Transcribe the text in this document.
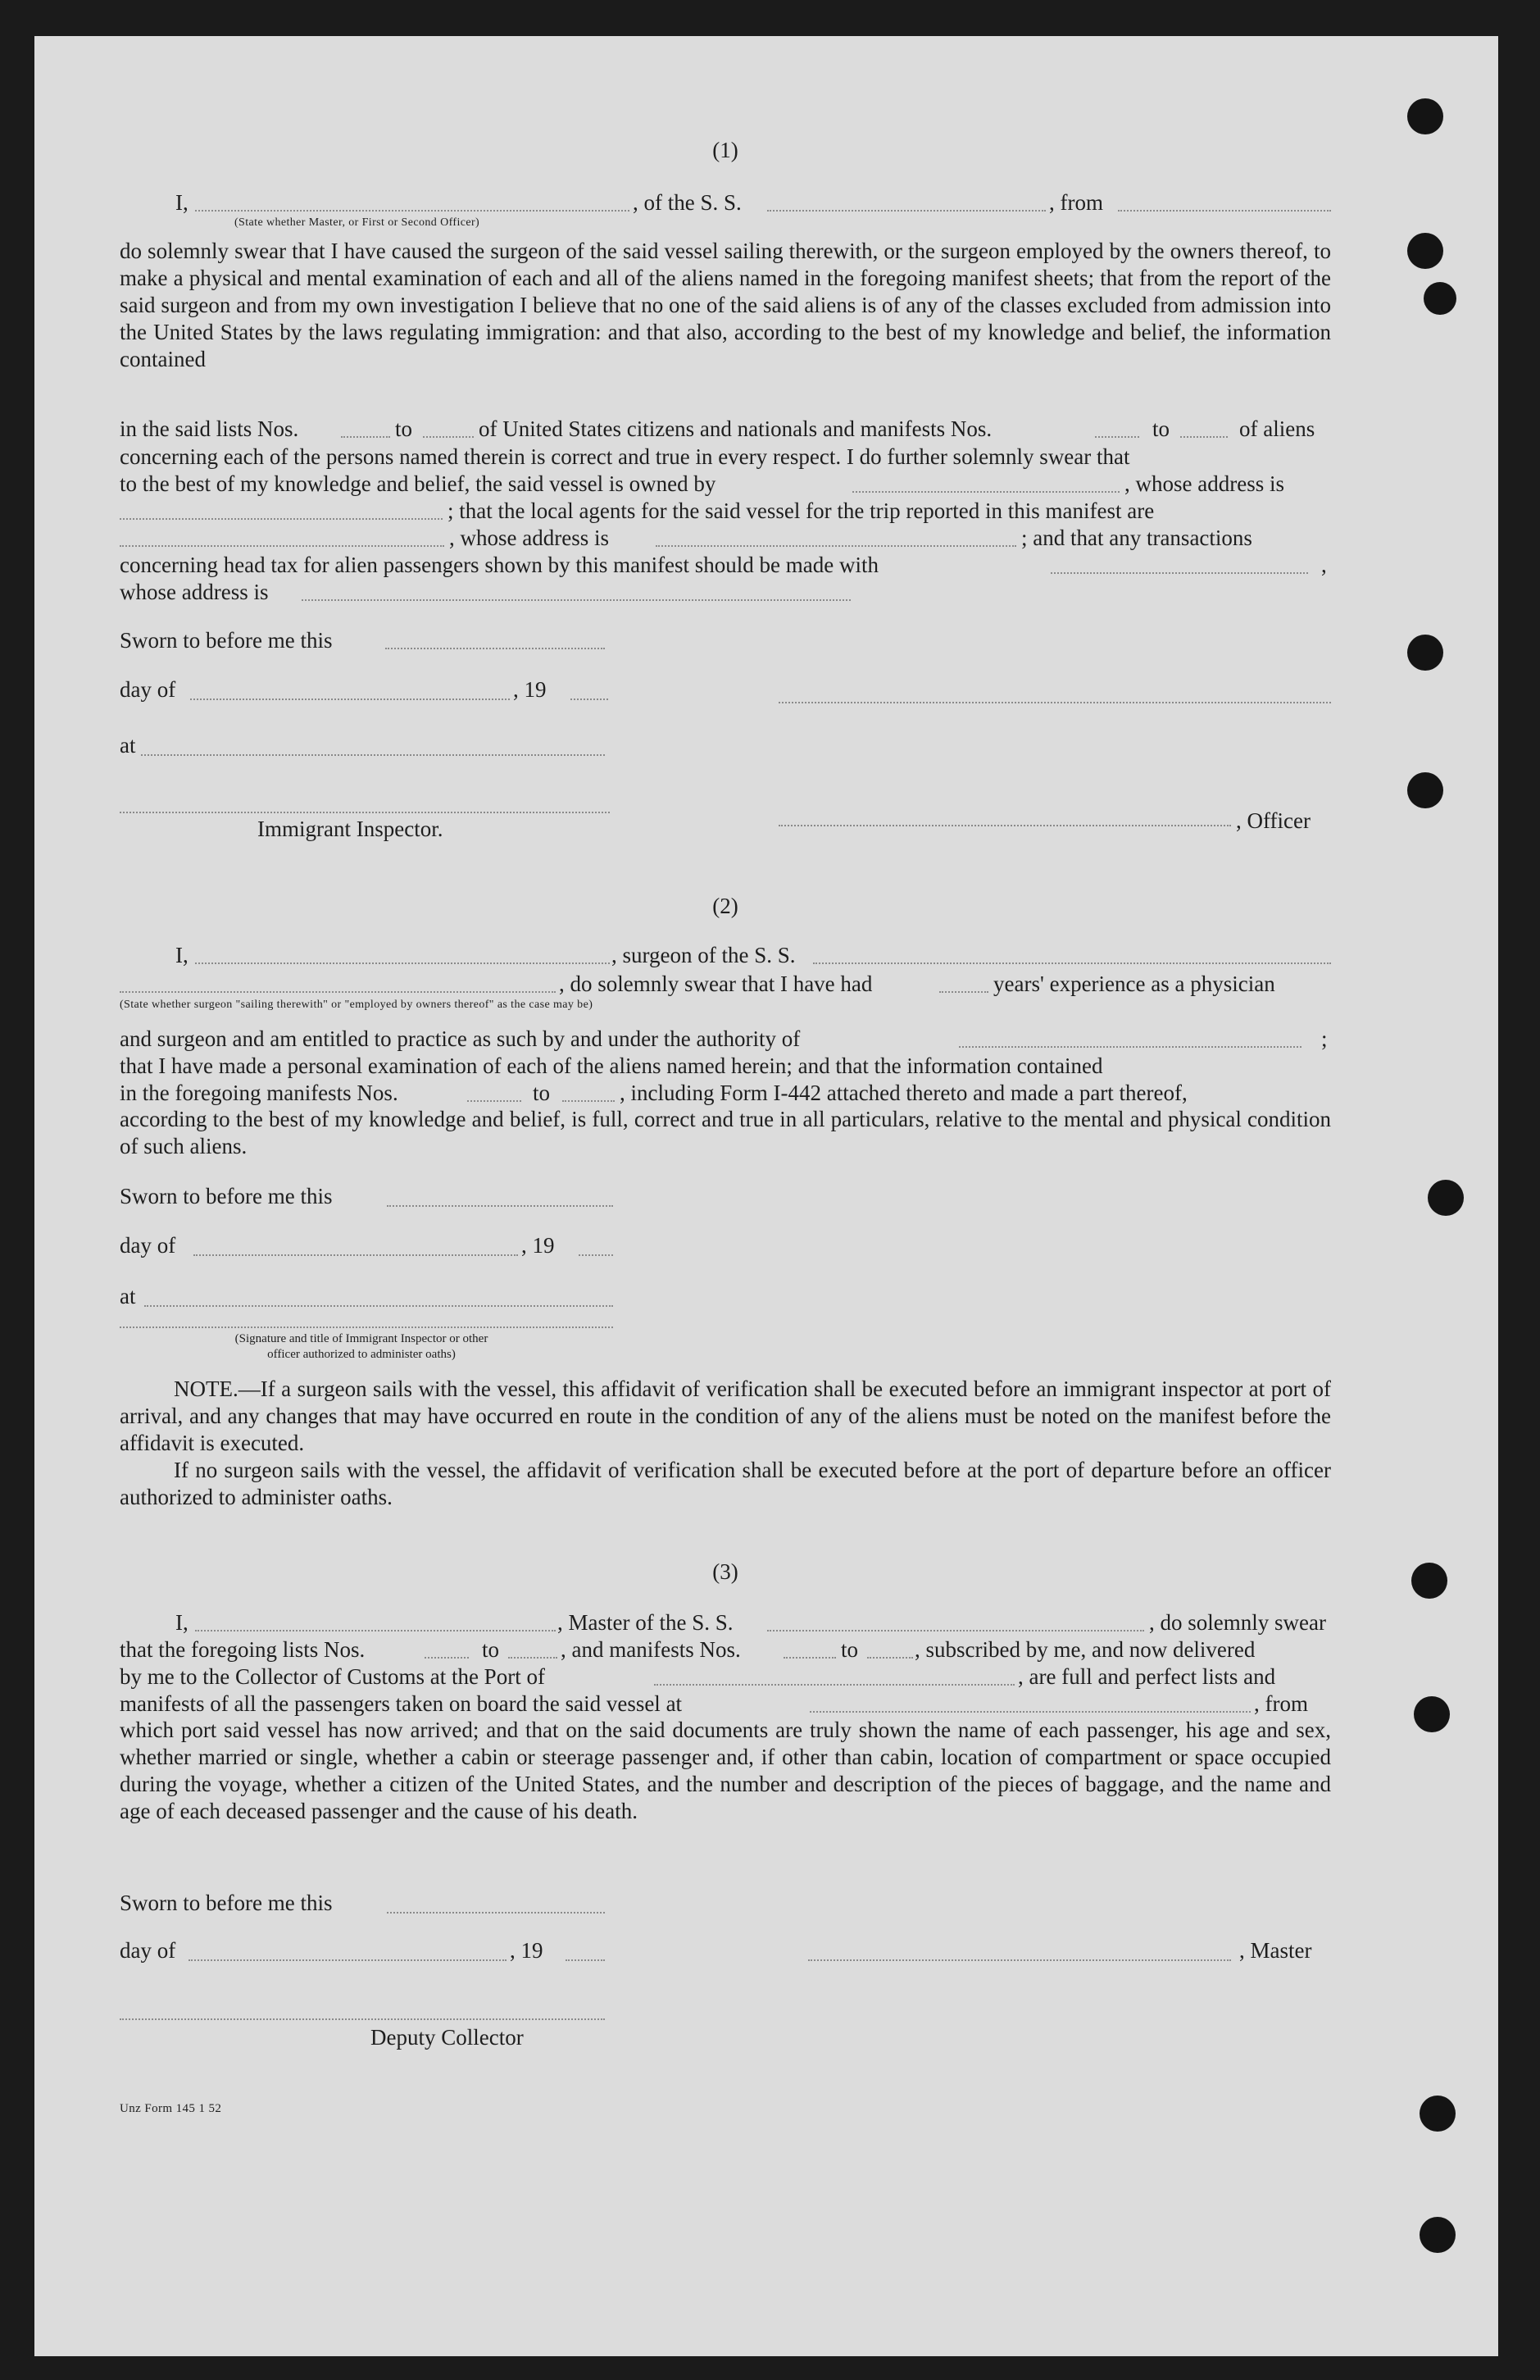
(1)
I,	, of the S. S.	, from
(State whether Master, or First or Second Officer)
do solemnly swear that I have caused the surgeon of the said vessel sailing therewith, or the surgeon employed by the owners thereof, to make a physical and mental examination of each and all of the aliens named in the foregoing manifest sheets; that from the report of the said surgeon and from my own investigation I believe that no one of the said aliens is of any of the classes excluded from admission into the United States by the laws regulating immigration: and that also, according to the best of my knowledge and belief, the information contained
in the said lists Nos.	to	of United States citizens and nationals and manifests Nos.	to	of aliens
concerning each of the persons named therein is correct and true in every respect. I do further solemnly swear that
to the best of my knowledge and belief, the said vessel is owned by	, whose address is
; that the local agents for the said vessel for the trip reported in this manifest are
, whose address is	; and that any transactions
concerning head tax for alien passengers shown by this manifest should be made with	,
whose address is
Sworn to before me this
day of	, 19
at
, Officer
Immigrant Inspector.
(2)
I,	, surgeon of the S. S.
, do solemnly swear that I have had	years' experience as a physician
(State whether surgeon "sailing therewith" or "employed by owners thereof" as the case may be)
and surgeon and am entitled to practice as such by and under the authority of	;
that I have made a personal examination of each of the aliens named herein; and that the information contained
in the foregoing manifests Nos.	to	, including Form I-442 attached thereto and made a part thereof,
according to the best of my knowledge and belief, is full, correct and true in all particulars, relative to the mental and physical condition of such aliens.
Sworn to before me this
day of	, 19
at
(Signature and title of Immigrant Inspector or other
officer authorized to administer oaths)
NOTE.—If a surgeon sails with the vessel, this affidavit of verification shall be executed before an immigrant inspector at port of arrival, and any changes that may have occurred en route in the condition of any of the aliens must be noted on the manifest before the affidavit is executed.
If no surgeon sails with the vessel, the affidavit of verification shall be executed before at the port of departure before an officer authorized to administer oaths.
(3)
I,	, Master of the S. S.	, do solemnly swear
that the foregoing lists Nos.	to	, and manifests Nos.	to	, subscribed by me, and now delivered
by me to the Collector of Customs at the Port of	, are full and perfect lists and
manifests of all the passengers taken on board the said vessel at	, from
which port said vessel has now arrived; and that on the said documents are truly shown the name of each passenger, his age and sex, whether married or single, whether a cabin or steerage passenger and, if other than cabin, location of compartment or space occupied during the voyage, whether a citizen of the United States, and the number and description of the pieces of baggage, and the name and age of each deceased passenger and the cause of his death.
Sworn to before me this
day of	, 19	, Master
Deputy Collector
Unz Form 145 1 52
